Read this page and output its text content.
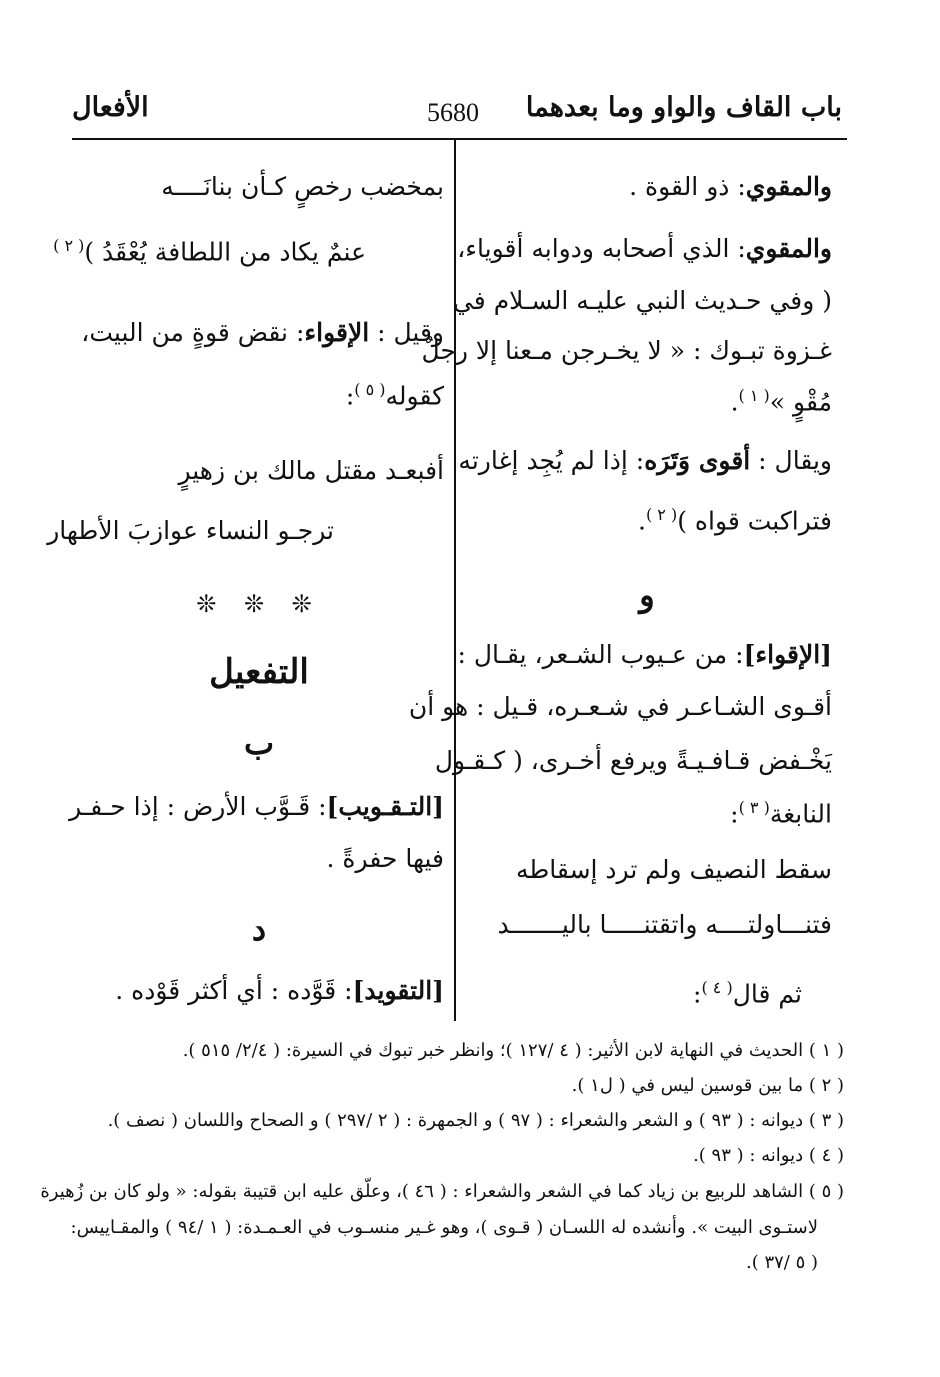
باب القاف والواو وما بعدهما
5680
الأفعال

والمقوي: ذو القوة .

والمقوي: الذي أصحابه ودوابه أقوياء،

( وفي حـديث النبي عليـه السـلام في

غـزوة تبـوك : « لا يخـرجن مـعنا إلا رجلٌ

مُقْوٍ »$^{( ١ )}$.

ويقال : أقوى وَتَرَه: إذا لم يُجِد إغارته

فتراكبت قواه )$^{( ٢ )}$.

و

[الإقواء]: من عـيوب الشـعر، يقـال :

أقـوى الشـاعـر في شـعـره، قـيل : هو أن

يَخْـفض قـافـيـةً ويرفع أخـرى، ( كـقـول

النابغة$^{( ٣ )}$:

سقط النصيف ولم ترد إسقاطه

فتنـــاولتــــه واتقتنـــــا باليـــــــد

ثم قال$^{( ٤ )}$:

بمخضب رخصٍ كـأن بنانَــــه

عنمٌ يكاد من اللطافة يُعْقَدُ )$^{( ٢ )}$

وقيل : الإقواء: نقض قوةٍ من البيت،

كقوله$^{( ٥ )}$:

أفبعـد مقتل مالك بن زهيرٍ

ترجـو النساء عوازبَ الأطهار

❊ ❊ ❊

التفعيل

ب

[التـقـويب]: قَـوَّب الأرض : إذا حـفـر

فيها حفرةً .

د

[التقويد]: قَوَّده : أي أكثر قَوْده .

( ١ ) الحديث في النهاية لابن الأثير: ( ٤ /١٢٧ )؛ وانظر خبر تبوك في السيرة: ( ٢/٤/ ٥١٥ ).

( ٢ ) ما بين قوسين ليس في ( ل١ ).

( ٣ ) ديوانه : ( ٩٣ ) و الشعر والشعراء : ( ٩٧ ) و الجمهرة : ( ٢ /٢٩٧ ) و الصحاح واللسان ( نصف ).

( ٤ ) ديوانه : ( ٩٣ ).

( ٥ ) الشاهد للربيع بن زياد كما في الشعر والشعراء : ( ٤٦ )، وعلّق عليه ابن قتيبة بقوله: « ولو كان بن زُهيرة

لاستـوى البيت ». وأنشده له اللسـان ( قـوى )، وهو غـير منسـوب في العـمـدة: ( ١ /٩٤ ) والمقـاييس:

( ٥ /٣٧ ).
